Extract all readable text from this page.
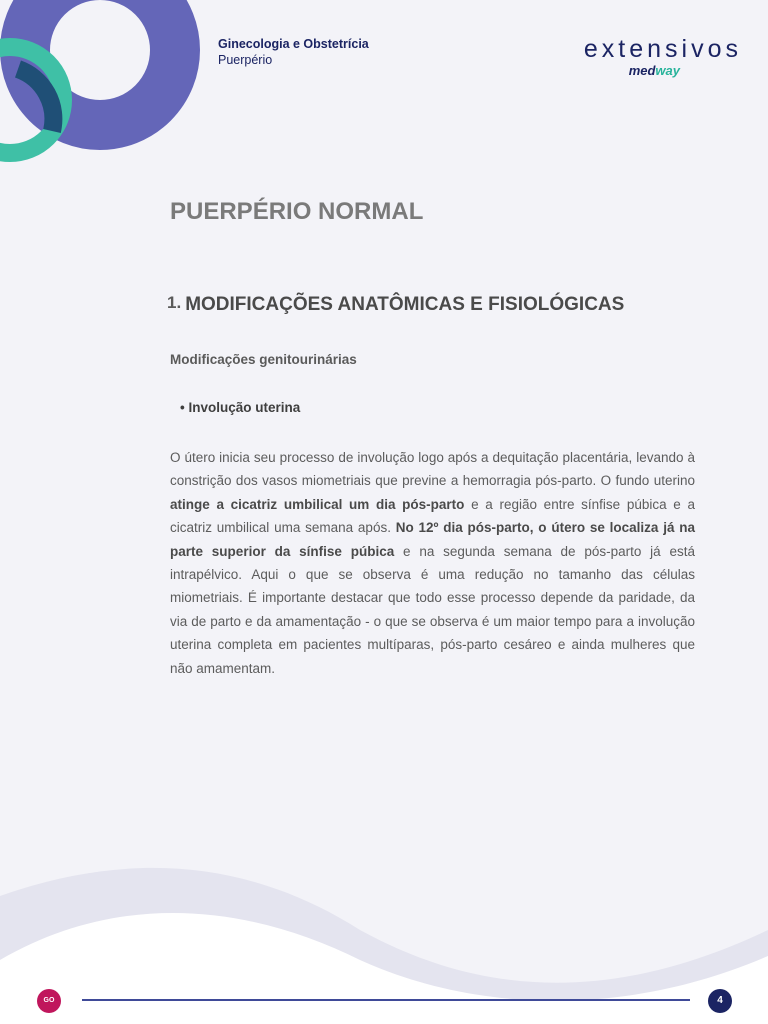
Ginecologia e Obstetrícia
Puerpério	extensivos
medway
PUERPÉRIO NORMAL
1. MODIFICAÇÕES ANATÔMICAS E FISIOLÓGICAS
Modificações genitourinárias
• Involução uterina

O útero inicia seu processo de involução logo após a dequitação placentária, levando à constrição dos vasos miometriais que previne a hemorragia pós-parto. O fundo uterino atinge a cicatriz umbilical um dia pós-parto e a região entre sínfise púbica e a cicatriz umbilical uma semana após. No 12º dia pós-parto, o útero se localiza já na parte superior da sínfise púbica e na segunda semana de pós-parto já está intrapélvico. Aqui o que se observa é uma redução no tamanho das células miometriais. É importante destacar que todo esse processo depende da paridade, da via de parto e da amamentação - o que se observa é um maior tempo para a involução uterina completa em pacientes multíparas, pós-parto cesáreo e ainda mulheres que não amamentam.

GO	4
